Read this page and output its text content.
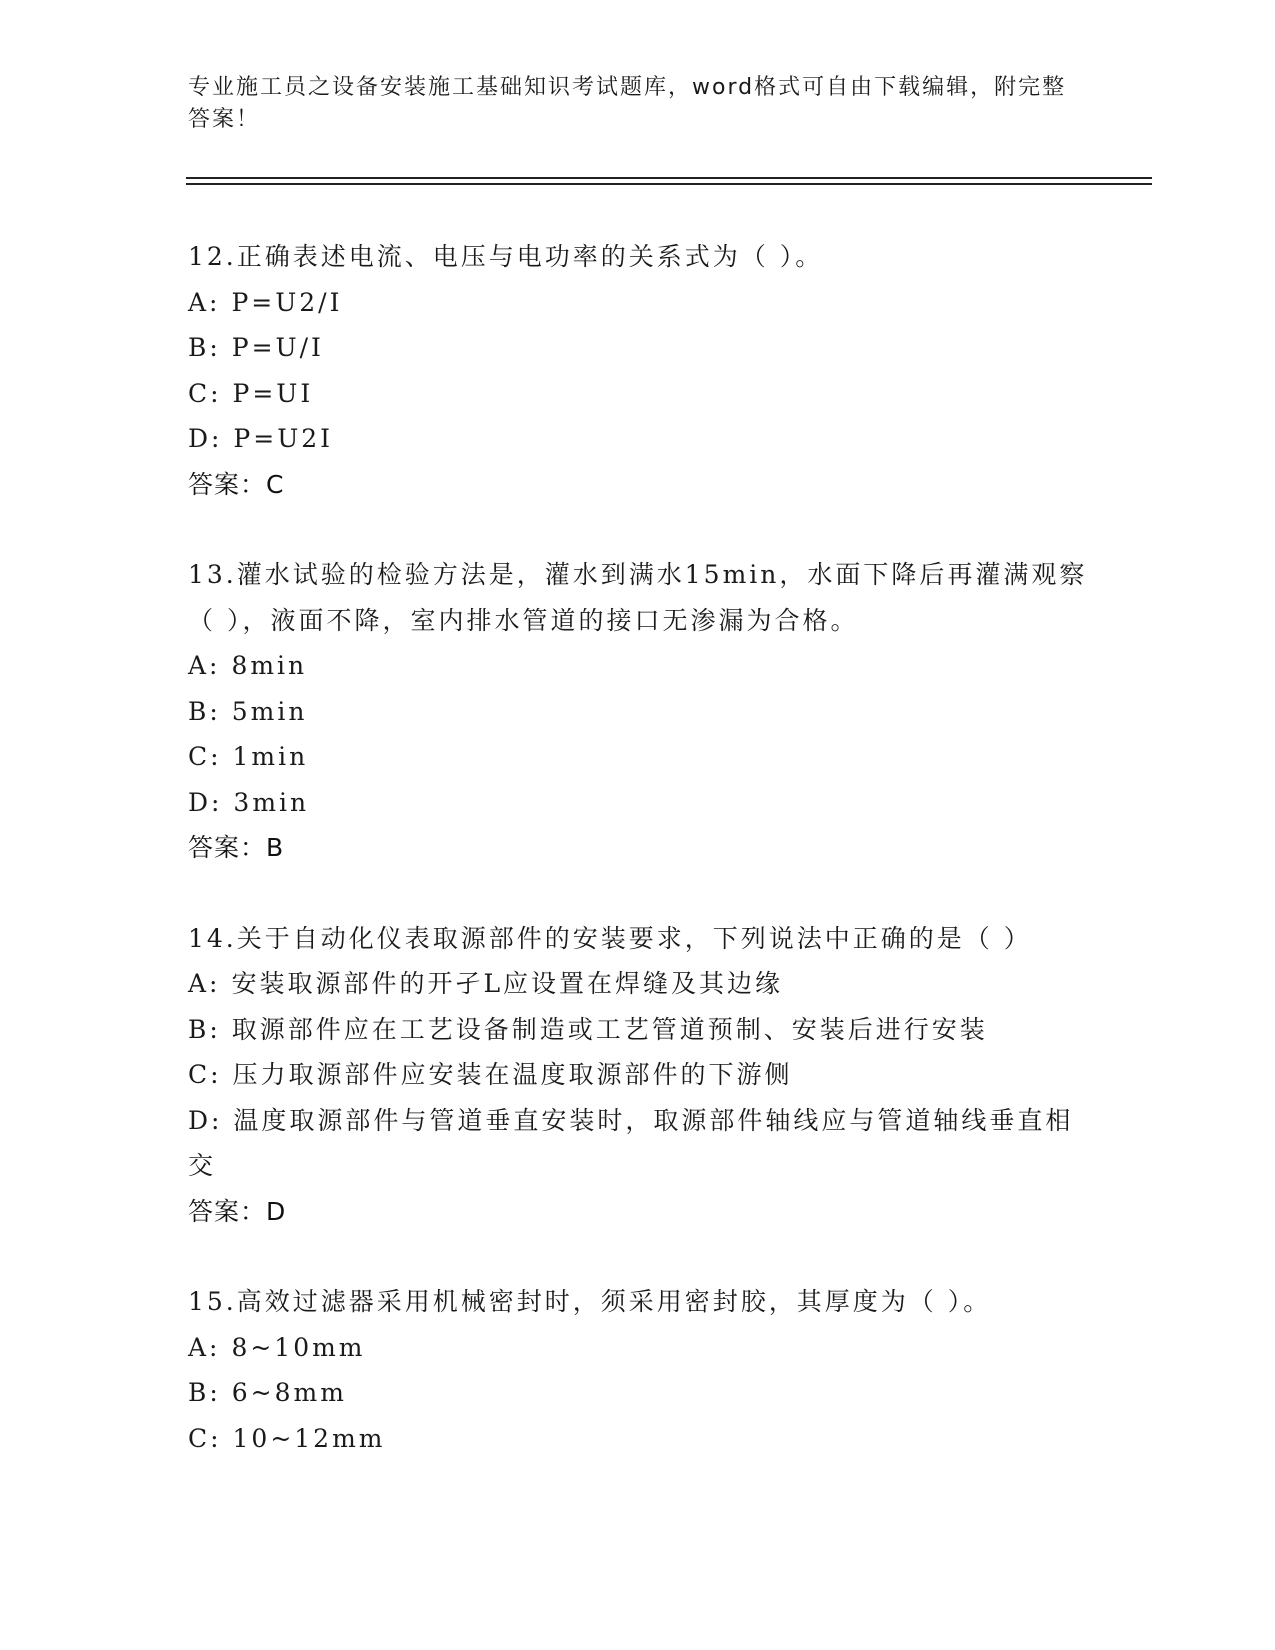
专业施工员之设备安装施工基础知识考试题库，word格式可自由下载编辑，附完整答案！
12.正确表述电流、电压与电功率的关系式为（ ）。
A: P=U2/I
B: P=U/I
C: P=UI
D: P=U2I
答案：C
13.灌水试验的检验方法是，灌水到满水15min，水面下降后再灌满观察（ ），液面不降，室内排水管道的接口无渗漏为合格。
A: 8min
B: 5min
C: 1min
D: 3min
答案：B
14.关于自动化仪表取源部件的安装要求，下列说法中正确的是（ ）
A: 安装取源部件的开孑L应设置在焊缝及其边缘
B: 取源部件应在工艺设备制造或工艺管道预制、安装后进行安装
C: 压力取源部件应安装在温度取源部件的下游侧
D: 温度取源部件与管道垂直安装时，取源部件轴线应与管道轴线垂直相交
答案：D
15.高效过滤器采用机械密封时，须采用密封胶，其厚度为（ ）。
A: 8~10mm
B: 6~8mm
C: 10~12mm
